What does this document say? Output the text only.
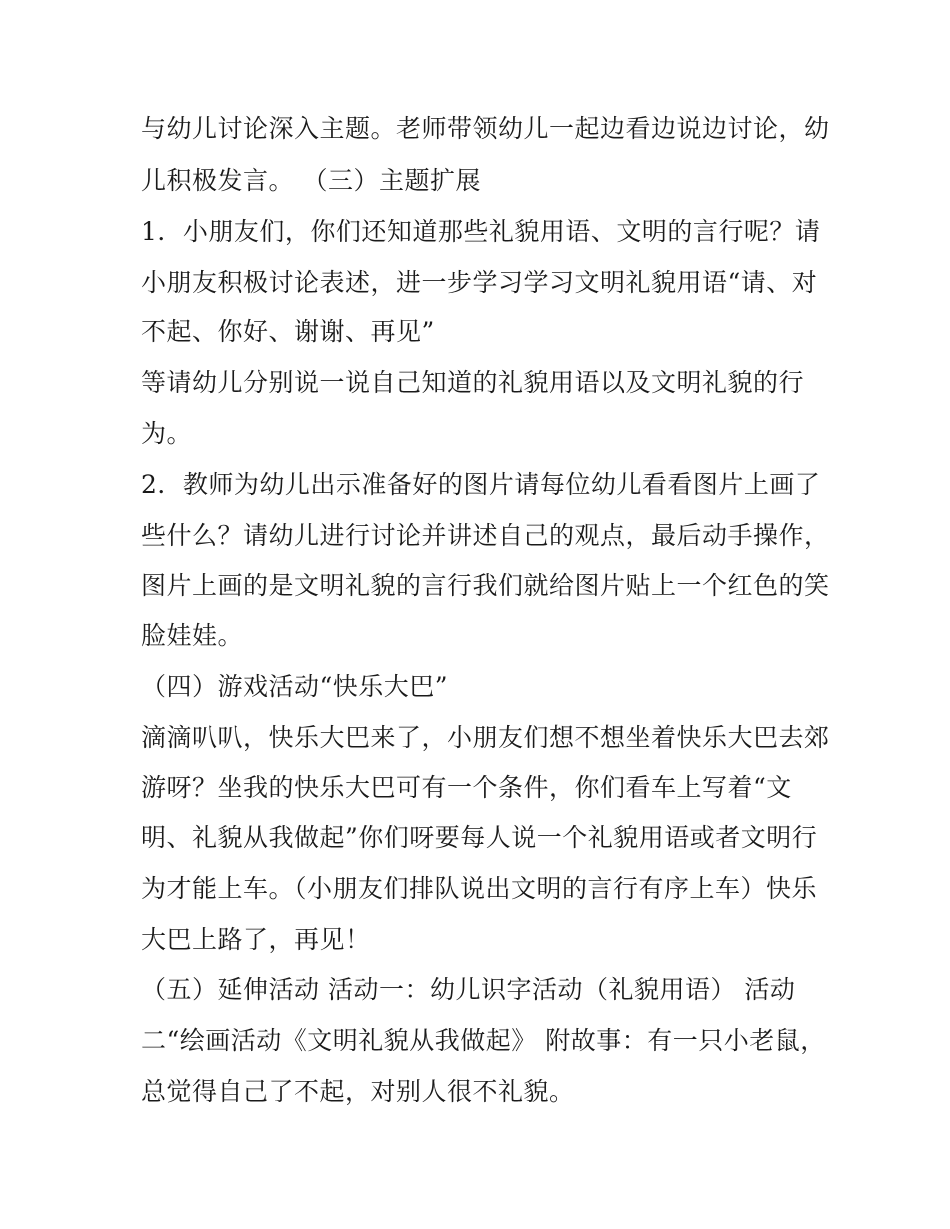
与幼儿讨论深入主题。老师带领幼儿一起边看边说边讨论，幼
儿积极发言。 （三）主题扩展
1．小朋友们，你们还知道那些礼貌用语、文明的言行呢？请
小朋友积极讨论表述，进一步学习学习文明礼貌用语“请、对
不起、你好、谢谢、再见”
等请幼儿分别说一说自己知道的礼貌用语以及文明礼貌的行
为。
2．教师为幼儿出示准备好的图片请每位幼儿看看图片上画了
些什么？请幼儿进行讨论并讲述自己的观点，最后动手操作，
图片上画的是文明礼貌的言行我们就给图片贴上一个红色的笑
脸娃娃。
（四）游戏活动“快乐大巴”
滴滴叭叭，快乐大巴来了，小朋友们想不想坐着快乐大巴去郊
游呀？坐我的快乐大巴可有一个条件，你们看车上写着“文
明、礼貌从我做起”你们呀要每人说一个礼貌用语或者文明行
为才能上车。（小朋友们排队说出文明的言行有序上车）快乐
大巴上路了，再见！
（五）延伸活动 活动一：幼儿识字活动（礼貌用语） 活动
二“绘画活动《文明礼貌从我做起》 附故事：有一只小老鼠，
总觉得自己了不起，对别人很不礼貌。
